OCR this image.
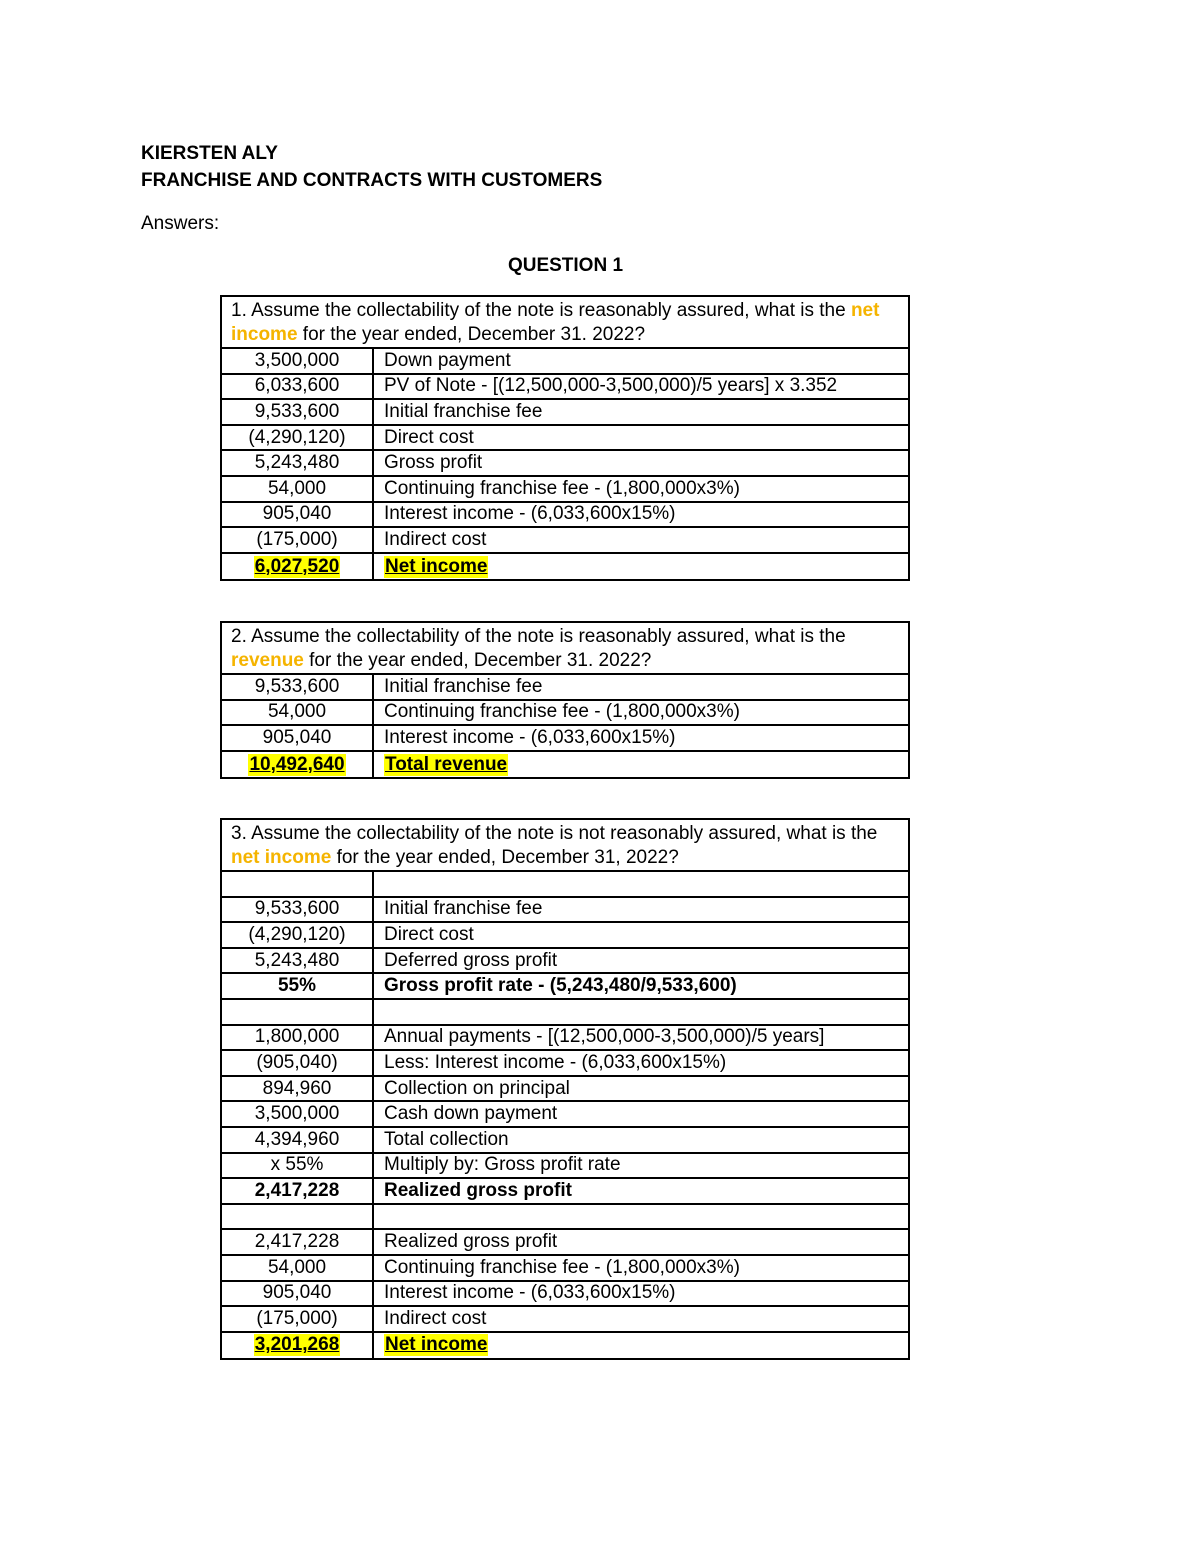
KIERSTEN ALY
FRANCHISE AND CONTRACTS WITH CUSTOMERS
Answers:
QUESTION 1
1. Assume the collectability of the note is reasonably assured, what is the net income for the year ended, December 31. 2022?
3,500,000 Down payment
6,033,600 PV of Note - [(12,500,000-3,500,000)/5 years] x 3.352
9,533,600 Initial franchise fee
(4,290,120) Direct cost
5,243,480 Gross profit
54,000	Continuing franchise fee - (1,800,000x3%)
905,040	Interest income - (6,033,600x15%)
(175,000) Indirect cost
6,027,520 Net income
2. Assume the collectability of the note is reasonably assured, what is the revenue for the year ended, December 31. 2022?
9,533,600 Initial franchise fee
54,000	Continuing franchise fee - (1,800,000x3%)
905,040	Interest income - (6,033,600x15%)
10,492,640 Total revenue
3. Assume the collectability of the note is not reasonably assured, what is the net income for the year ended, December 31, 2022?
9,533,600 Initial franchise fee
(4,290,120) Direct cost
5,243,480 Deferred gross profit
55%	Gross profit rate - (5,243,480/9,533,600)
1,800,000 Annual payments - [(12,500,000-3,500,000)/5 years]
(905,040) Less: Interest income - (6,033,600x15%)
894,960	Collection on principal
3,500,000 Cash down payment
4,394,960 Total collection
x 55%	Multiply by: Gross profit rate
2,417,228 Realized gross profit
2,417,228 Realized gross profit
54,000	Continuing franchise fee - (1,800,000x3%)
905,040	Interest income - (6,033,600x15%)
(175,000) Indirect cost
3,201,268 Net income
